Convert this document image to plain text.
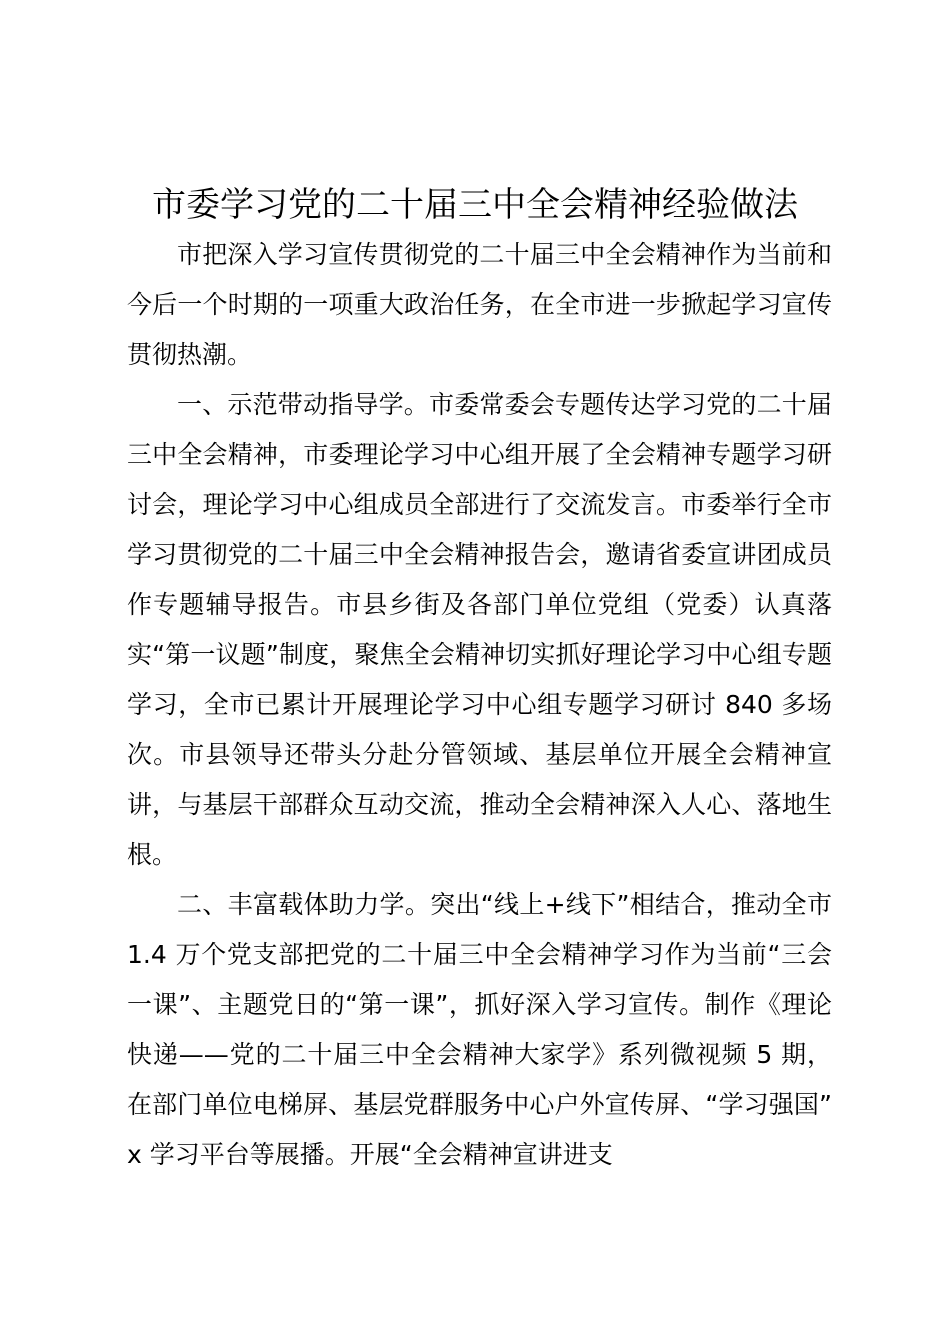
市委学习党的二十届三中全会精神经验做法

市把深入学习宣传贯彻党的二十届三中全会精神作为当前和今后一个时期的一项重大政治任务，在全市进一步掀起学习宣传贯彻热潮。

一、示范带动指导学。市委常委会专题传达学习党的二十届三中全会精神，市委理论学习中心组开展了全会精神专题学习研讨会，理论学习中心组成员全部进行了交流发言。市委举行全市学习贯彻党的二十届三中全会精神报告会，邀请省委宣讲团成员作专题辅导报告。市县乡街及各部门单位党组（党委）认真落实“第一议题”制度，聚焦全会精神切实抓好理论学习中心组专题学习，全市已累计开展理论学习中心组专题学习研讨 840 多场次。市县领导还带头分赴分管领域、基层单位开展全会精神宣讲，与基层干部群众互动交流，推动全会精神深入人心、落地生根。

二、丰富载体助力学。突出“线上+线下”相结合，推动全市 1.4 万个党支部把党的二十届三中全会精神学习作为当前“三会一课”、主题党日的“第一课”，抓好深入学习宣传。制作《理论快递——党的二十届三中全会精神大家学》系列微视频 5 期，在部门单位电梯屏、基层党群服务中心户外宣传屏、“学习强国” x 学习平台等展播。开展“全会精神宣讲进支
